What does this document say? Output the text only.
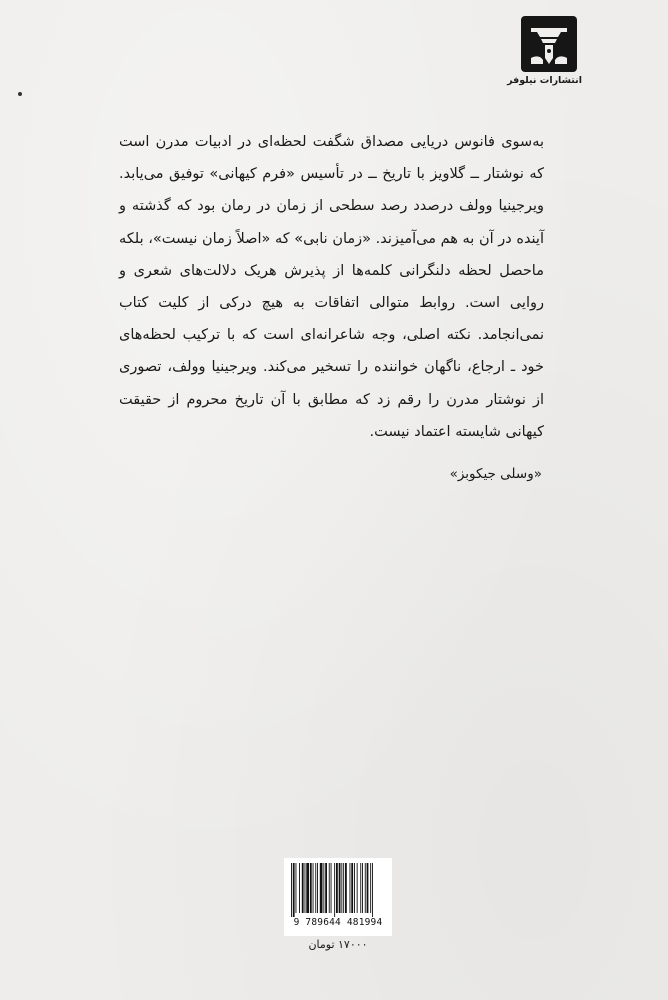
انتشارات نیلوفر

به‌سوی فانوس دریایی مصداق شگفت لحظه‌ای در ادبیات مدرن است که نوشتار ــ گلاویز با تاریخ ــ در تأسیس «فرم کیهانی» توفیق می‌یابد. ویرجینیا وولف درصدد رصد سطحی از زمان در رمان بود که گذشته و آینده در آن به هم می‌آمیزند. «زمان نابی» که «اصلاً زمان نیست»، بلکه ماحصل لحظه دلنگرانی کلمه‌ها از پذیرش هریک دلالت‌های شعری و روایی است. روابط متوالی اتفاقات به هیچ درکی از کلیت کتاب نمی‌انجامد. نکته اصلی، وجه شاعرانه‌ای است که با ترکیب لحظه‌های خود ـ ارجاع، ناگهان خواننده را تسخیر می‌کند. ویرجینیا وولف، تصوری از نوشتار مدرن را رقم زد که مطابق با آن تاریخ محروم از حقیقت کیهانی شایسته اعتماد نیست.

«وسلی جیکوبز»
9 789644 481994
۱۷۰۰۰ تومان
